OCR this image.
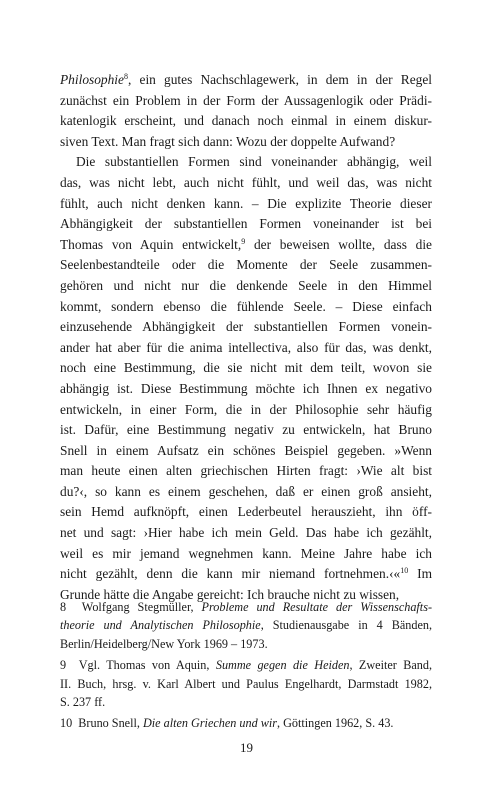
Philosophie$^8$, ein gutes Nachschlagewerk, in dem in der Regel
zunächst ein Problem in der Form der Aussagenlogik oder Prädi-
katenlogik erscheint, und danach noch einmal in einem diskur-
siven Text. Man fragt sich dann: Wozu der doppelte Aufwand?
Die substantiellen Formen sind voneinander abhängig, weil
das, was nicht lebt, auch nicht fühlt, und weil das, was nicht
fühlt, auch nicht denken kann. – Die explizite Theorie dieser
Abhängigkeit der substantiellen Formen voneinander ist bei
Thomas von Aquin entwickelt,$^9$ der beweisen wollte, dass die
Seelenbestandteile oder die Momente der Seele zusammen-
gehören und nicht nur die denkende Seele in den Himmel
kommt, sondern ebenso die fühlende Seele. – Diese einfach
einzusehende Abhängigkeit der substantiellen Formen vonein-
ander hat aber für die anima intellectiva, also für das, was denkt,
noch eine Bestimmung, die sie nicht mit dem teilt, wovon sie
abhängig ist. Diese Bestimmung möchte ich Ihnen ex negativo
entwickeln, in einer Form, die in der Philosophie sehr häufig
ist. Dafür, eine Bestimmung negativ zu entwickeln, hat Bruno
Snell in einem Aufsatz ein schönes Beispiel gegeben. »Wenn
man heute einen alten griechischen Hirten fragt: ›Wie alt bist
du?‹, so kann es einem geschehen, daß er einen groß ansieht,
sein Hemd aufknöpft, einen Lederbeutel herauszieht, ihn öff-
net und sagt: ›Hier habe ich mein Geld. Das habe ich gezählt,
weil es mir jemand wegnehmen kann. Meine Jahre habe ich
nicht gezählt, denn die kann mir niemand fortnehmen.‹«$^{10}$ Im
Grunde hätte die Angabe gereicht: Ich brauche nicht zu wissen,
8  Wolfgang Stegmüller, Probleme und Resultate der Wissenschafts-
theorie und Analytischen Philosophie, Studienausgabe in 4 Bänden,
Berlin/Heidelberg/New York 1969 – 1973.
9  Vgl. Thomas von Aquin, Summe gegen die Heiden, Zweiter Band,
II. Buch, hrsg. v. Karl Albert und Paulus Engelhardt, Darmstadt 1982,
S. 237 ff.
10  Bruno Snell, Die alten Griechen und wir, Göttingen 1962, S. 43.
19
